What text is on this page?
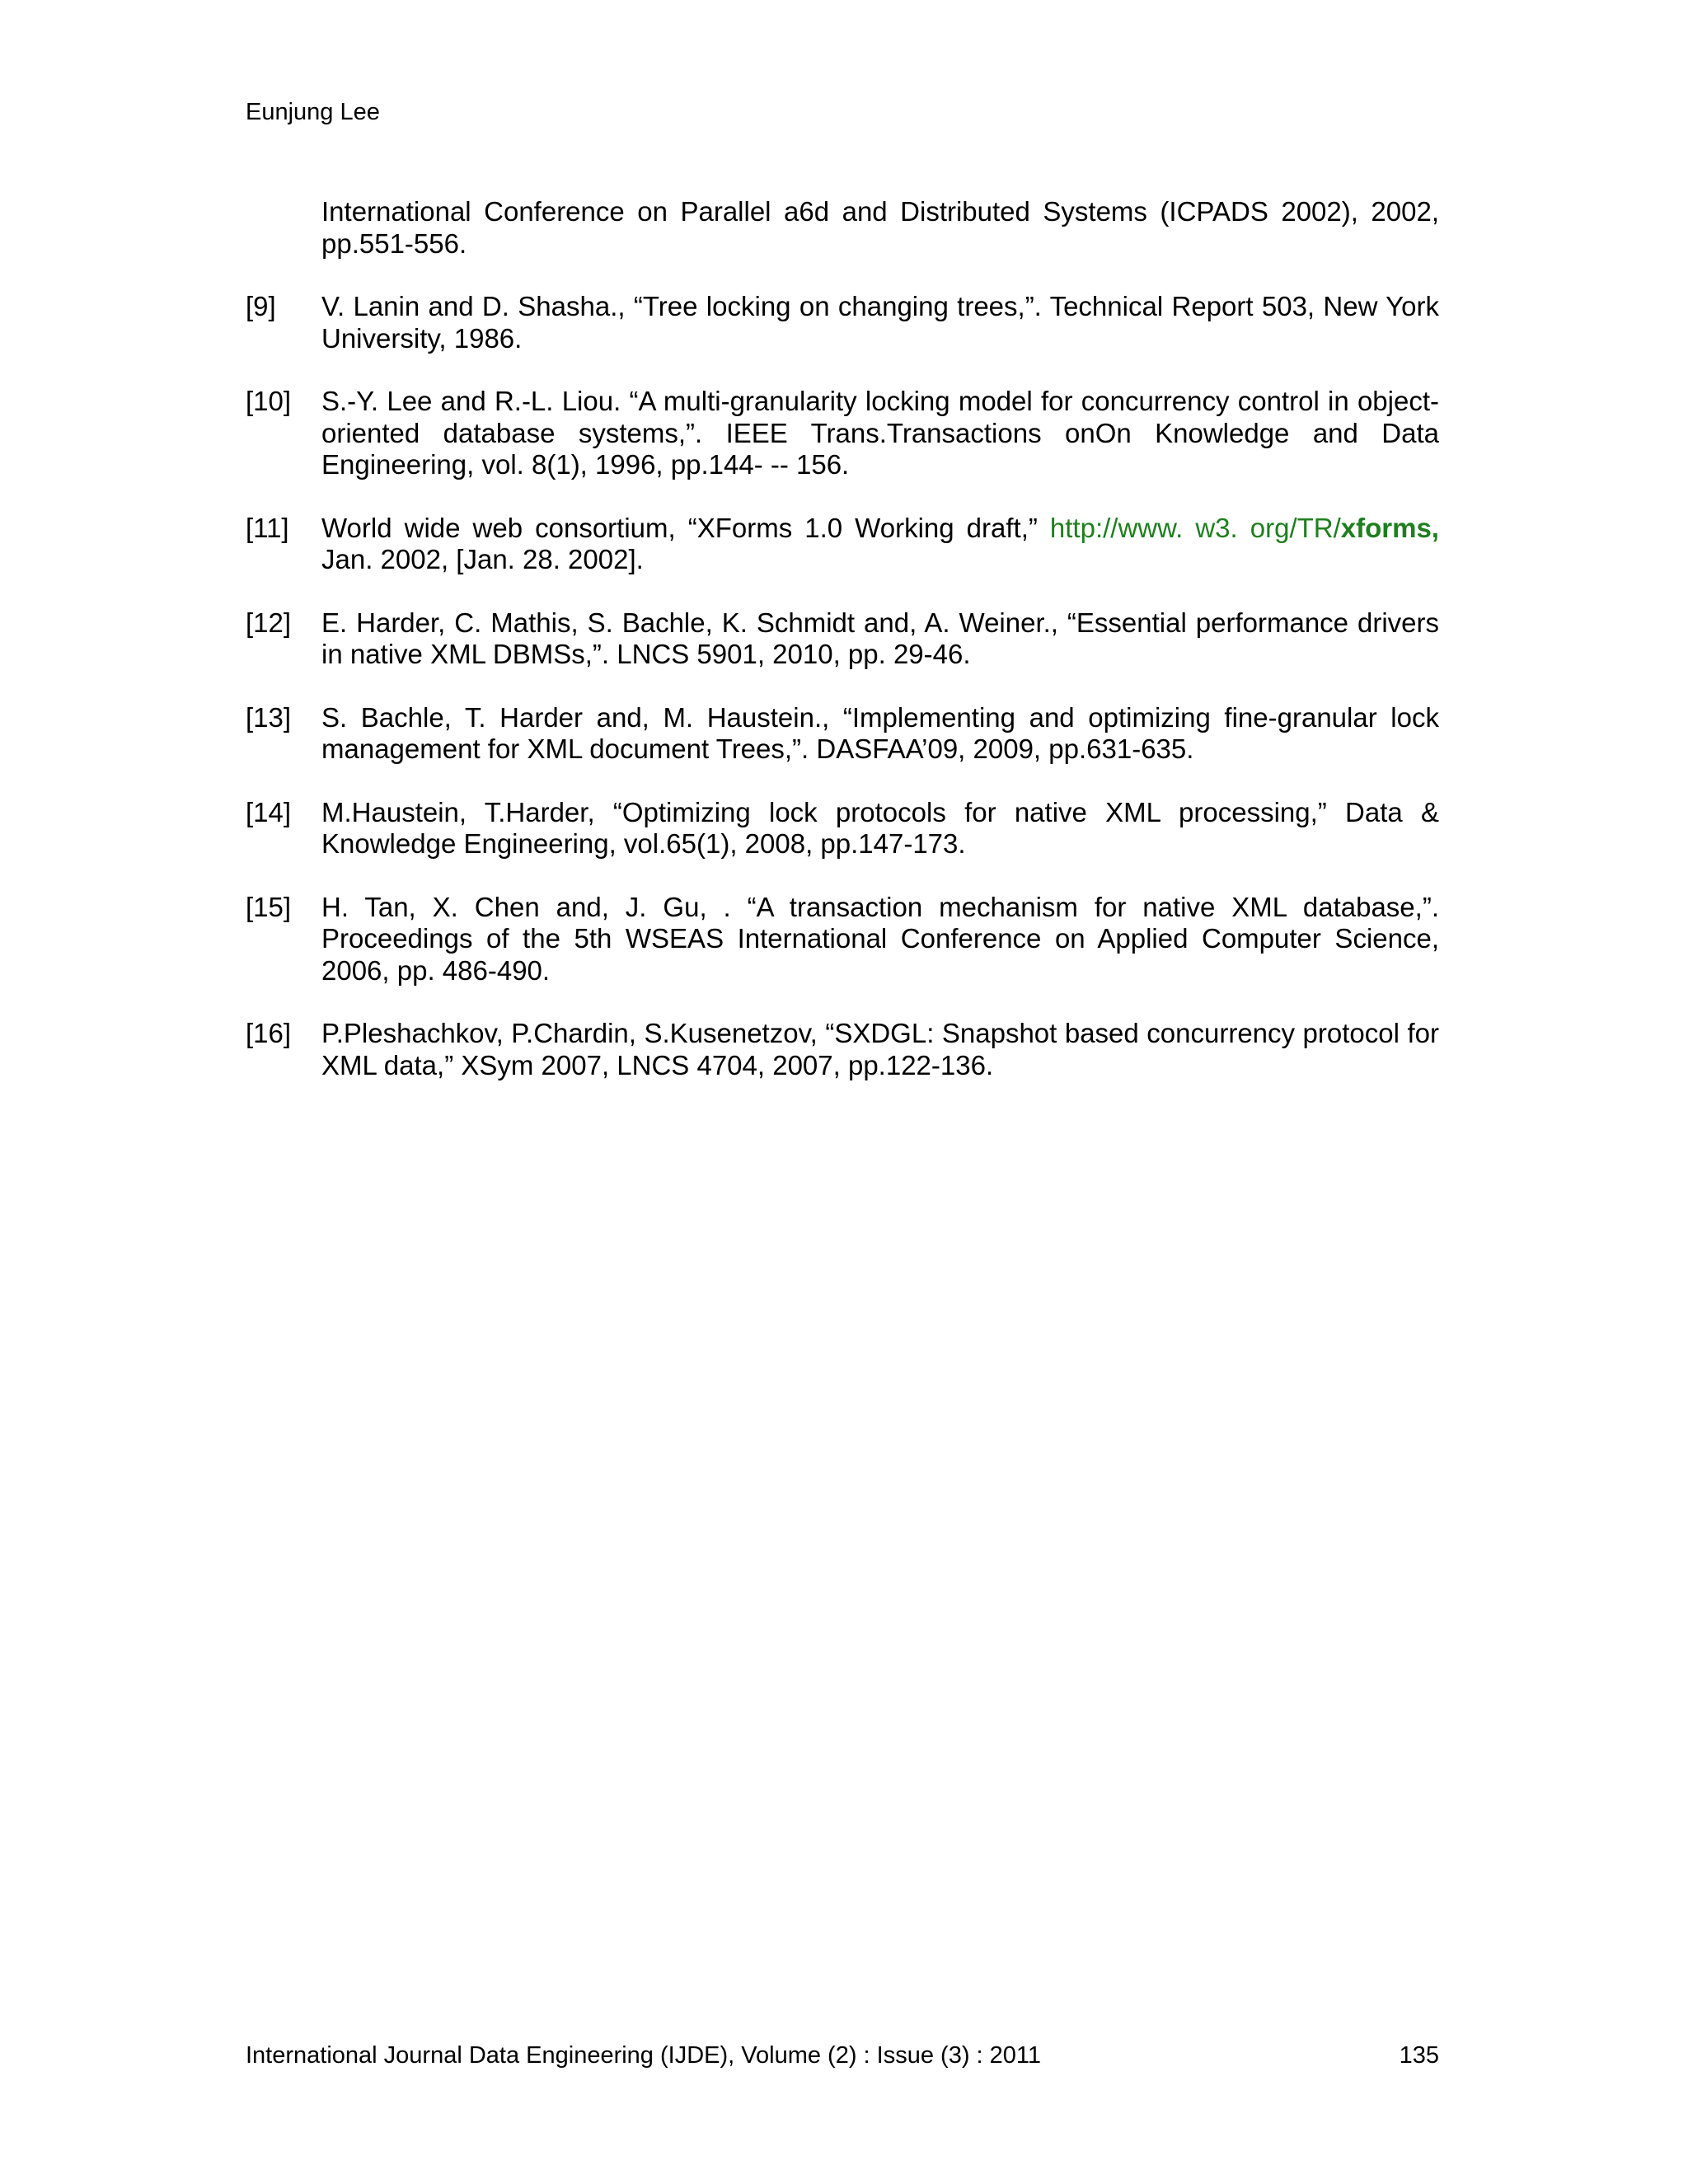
Eunjung Lee
International Conference on Parallel a6d and Distributed Systems (ICPADS 2002), 2002, pp.551-556.
[9] V. Lanin and D. Shasha., “Tree locking on changing trees,”. Technical Report 503, New York University, 1986.
[10] S.-Y. Lee and R.-L. Liou. “A multi-granularity locking model for concurrency control in object-oriented database systems,”. IEEE Trans.Transactions onOn Knowledge and Data Engineering, vol. 8(1), 1996, pp.144- -- 156.
[11] World wide web consortium, “XForms 1.0 Working draft,” http://www. w3. org/TR/xforms, Jan. 2002, [Jan. 28. 2002].
[12] E. Harder, C. Mathis, S. Bachle, K. Schmidt and, A. Weiner., “Essential performance drivers in native XML DBMSs,”. LNCS 5901, 2010, pp. 29-46.
[13] S. Bachle, T. Harder and, M. Haustein., “Implementing and optimizing fine-granular lock management for XML document Trees,”. DASFAA’09, 2009, pp.631-635.
[14] M.Haustein, T.Harder, “Optimizing lock protocols for native XML processing,” Data & Knowledge Engineering, vol.65(1), 2008, pp.147-173.
[15] H. Tan, X. Chen and, J. Gu, . “A transaction mechanism for native XML database,”. Proceedings of the 5th WSEAS International Conference on Applied Computer Science, 2006, pp. 486-490.
[16] P.Pleshachkov, P.Chardin, S.Kusenetzov, “SXDGL: Snapshot based concurrency protocol for XML data,” XSym 2007, LNCS 4704, 2007, pp.122-136.
International Journal Data Engineering (IJDE), Volume (2) : Issue (3) : 2011	135
